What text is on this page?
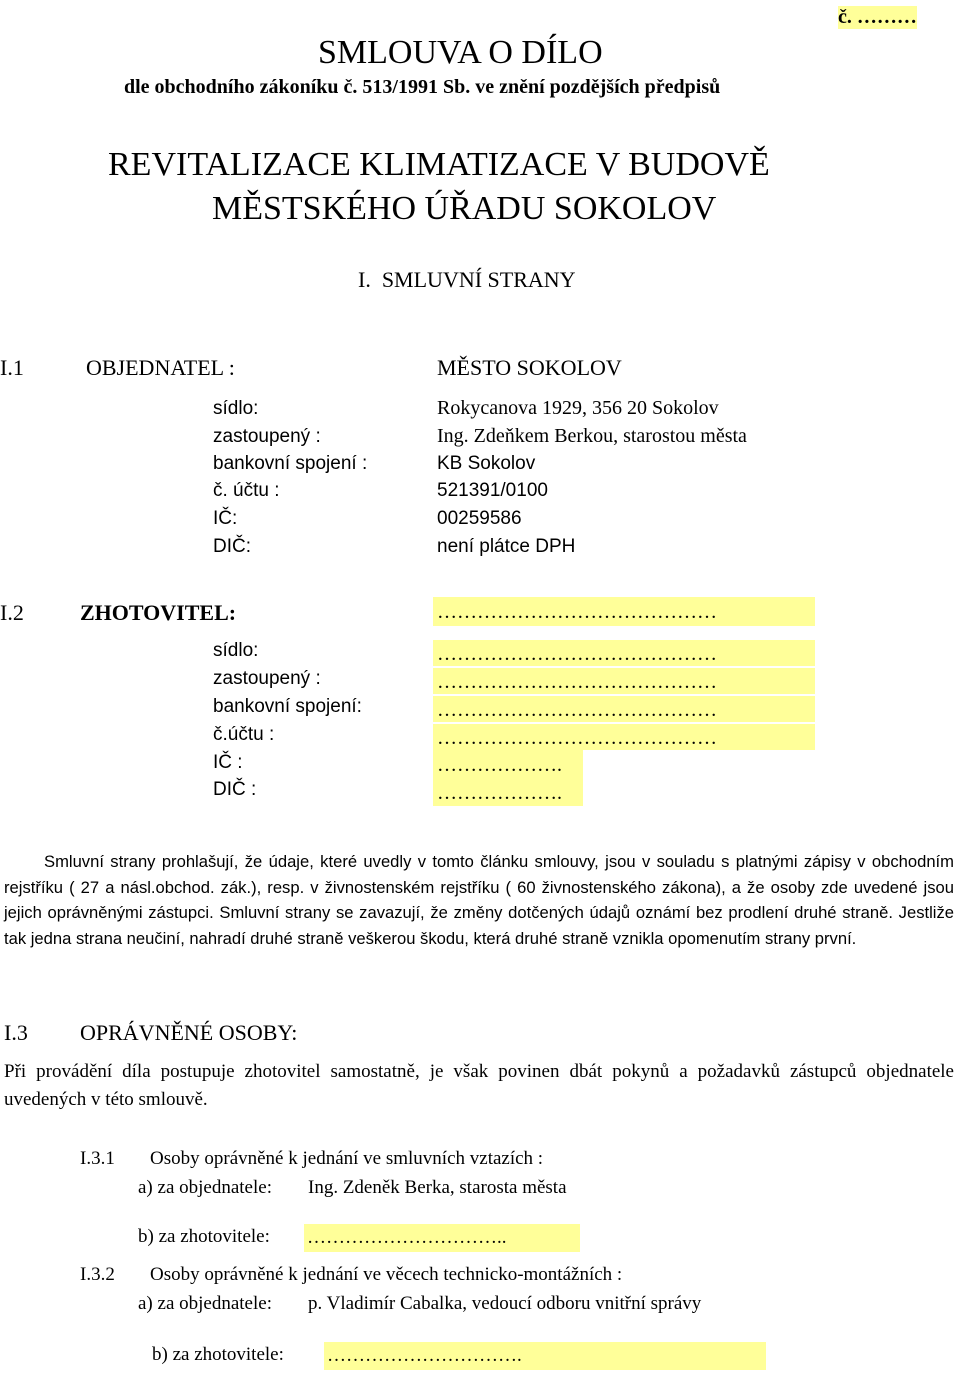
č. ………
SMLOUVA O DÍLO
dle obchodního zákoníku č. 513/1991 Sb. ve znění pozdějších předpisů
REVITALIZACE KLIMATIZACE V BUDOVĚ
MĚSTSKÉHO ÚŘADU SOKOLOV
I.  SMLUVNÍ STRANY
I.1	OBJEDNATEL :	MĚSTO SOKOLOV
sídlo:	Rokycanova 1929, 356 20 Sokolov
zastoupený :	Ing. Zdeňkem Berkou, starostou města
bankovní spojení :	KB Sokolov
č. účtu :	521391/0100
IČ:	00259586
DIČ:	není plátce DPH
I.2	ZHOTOVITEL:	……………………………………
sídlo:	……………………………………
zastoupený :	……………………………………
bankovní spojení:	……………………………………
č.účtu :	……………………………………
IČ :	……………….
DIČ :	……………….
Smluvní strany prohlašují, že údaje, které uvedly v tomto článku smlouvy, jsou v souladu s platnými zápisy v obchodním rejstříku ( 27 a násl.obchod. zák.), resp. v živnostenském rejstříku ( 60 živnostenského zákona), a že osoby zde uvedené jsou jejich oprávněnými zástupci. Smluvní strany se zavazují, že změny dotčených údajů oznámí bez prodlení druhé straně. Jestliže tak jedna strana neučiní, nahradí druhé straně veškerou škodu, která druhé straně vznikla opomenutím strany první.
I.3 OPRÁVNĚNÉ OSOBY:
Při provádění díla postupuje zhotovitel samostatně, je však povinen dbát pokynů a požadavků zástupců objednatele uvedených v této smlouvě.
I.3.1 Osoby oprávněné k jednání ve smluvních vztazích :
a) za objednatele: Ing. Zdeněk Berka, starosta města
b) za zhotovitele: …………………………..
I.3.2 Osoby oprávněné k jednání ve věcech technicko-montážních :
a) za objednatele: p. Vladimír Cabalka, vedoucí odboru vnitřní správy
b) za zhotovitele: ………………………….
